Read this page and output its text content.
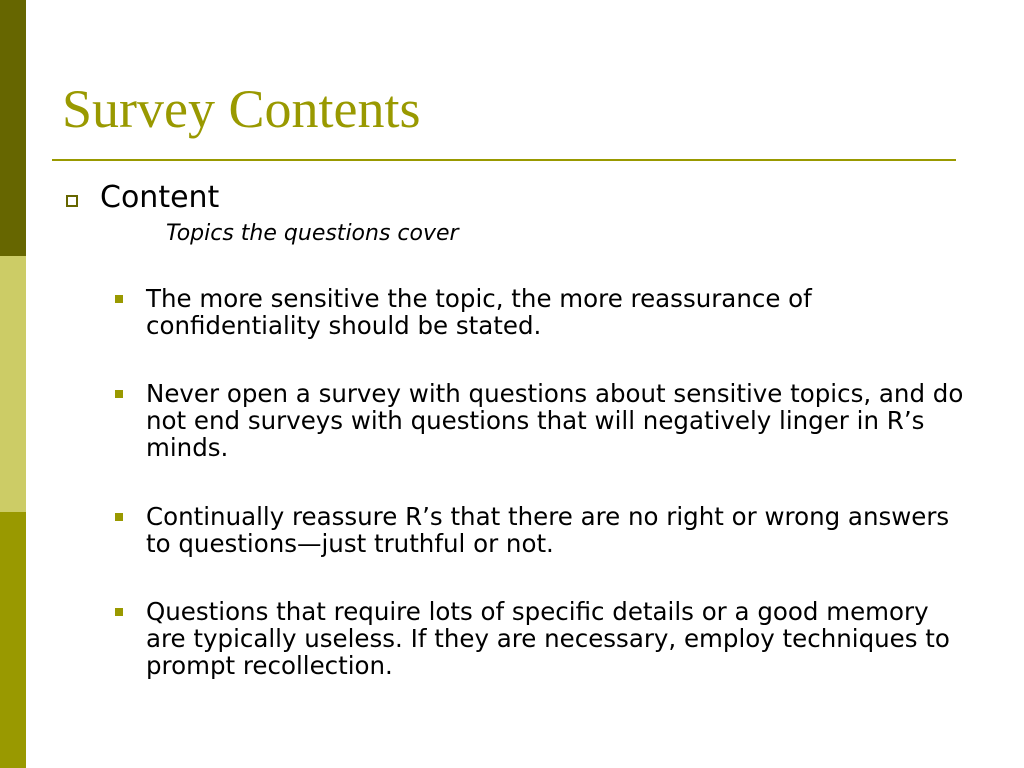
Survey Contents

Content

Topics the questions cover

The more sensitive the topic, the more reassurance of confidentiality should be stated.
Never open a survey with questions about sensitive topics, and do not end surveys with questions that will negatively linger in R’s minds.
Continually reassure R’s that there are no right or wrong answers to questions—just truthful or not.
Questions that require lots of specific details or a good memory are typically useless. If they are necessary, employ techniques to prompt recollection.
